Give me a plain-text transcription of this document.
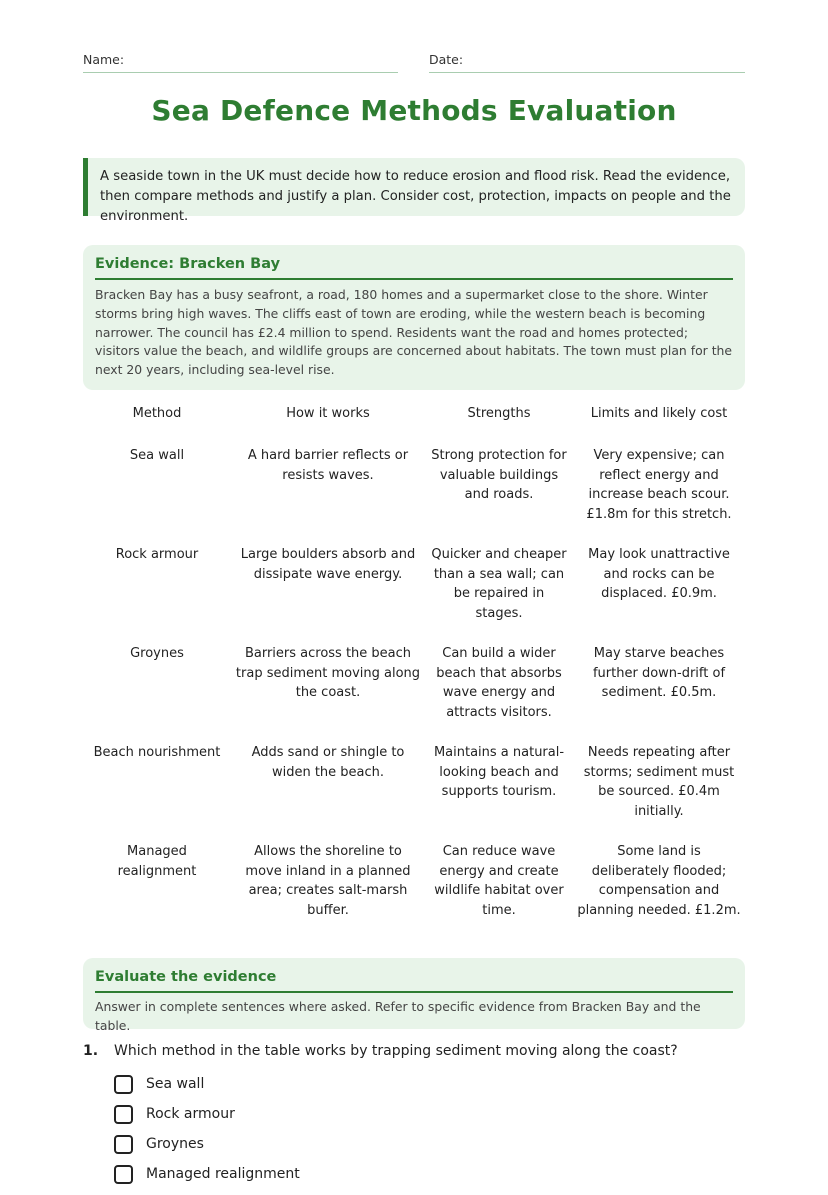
Name:	Date:
Sea Defence Methods Evaluation
A seaside town in the UK must decide how to reduce erosion and flood risk. Read the evidence, then compare methods and justify a plan. Consider cost, protection, impacts on people and the environment.
Evidence: Bracken Bay

Bracken Bay has a busy seafront, a road, 180 homes and a supermarket close to the shore. Winter storms bring high waves. The cliffs east of town are eroding, while the western beach is becoming narrower. The council has £2.4 million to spend. Residents want the road and homes protected; visitors value the beach, and wildlife groups are concerned about habitats. The town must plan for the next 20 years, including sea-level rise.

Method	How it works	Strengths	Limits and likely cost
Sea wall	A hard barrier reflects or resists waves.	Strong protection for valuable buildings and roads.	Very expensive; can reflect energy and increase beach scour. £1.8m for this stretch.
Rock armour	Large boulders absorb and dissipate wave energy.	Quicker and cheaper than a sea wall; can be repaired in stages.	May look unattractive and rocks can be displaced. £0.9m.
Groynes	Barriers across the beach trap sediment moving along the coast.	Can build a wider beach that absorbs wave energy and attracts visitors.	May starve beaches further down-drift of sediment. £0.5m.
Beach nourishment	Adds sand or shingle to widen the beach.	Maintains a natural-looking beach and supports tourism.	Needs repeating after storms; sediment must be sourced. £0.4m initially.
Managed realignment	Allows the shoreline to move inland in a planned area; creates salt-marsh buffer.	Can reduce wave energy and create wildlife habitat over time.	Some land is deliberately flooded; compensation and planning needed. £1.2m.
Evaluate the evidence

Answer in complete sentences where asked. Refer to specific evidence from Bracken Bay and the table.

1. Which method in the table works by trapping sediment moving along the coast?
Sea wall
Rock armour
Groynes
Managed realignment
